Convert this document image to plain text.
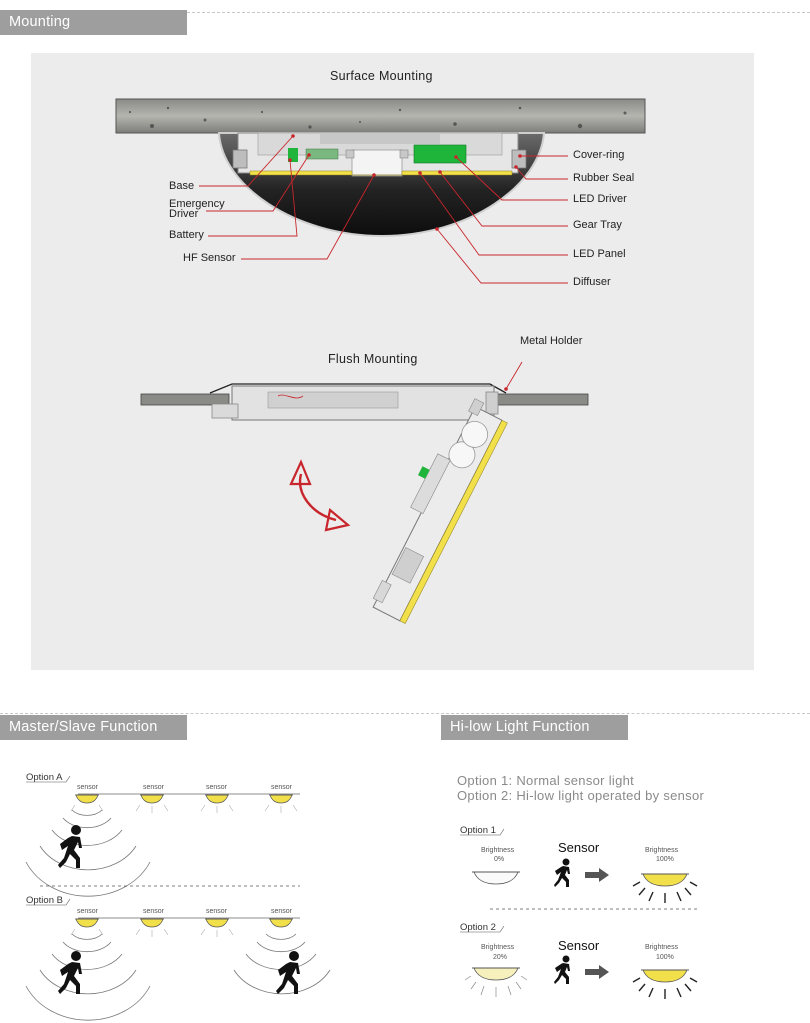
Mounting
Surface Mounting
Base
Emergency
Driver
Battery
HF Sensor
Cover-ring
Rubber Seal
LED Driver
Gear Tray
LED Panel
Diffuser
Flush Mounting
Metal Holder
Master/Slave Function
Option A
Option B
sensor	sensor	sensor	sensor
sensor	sensor	sensor	sensor
Hi-low Light Function
Option 1: Normal sensor light
Option 2: Hi-low light operated by sensor
Option 1
Option 2
Brightness
0%
Brightness
100%
Sensor
Brightness
20%
Brightness
100%
Sensor
